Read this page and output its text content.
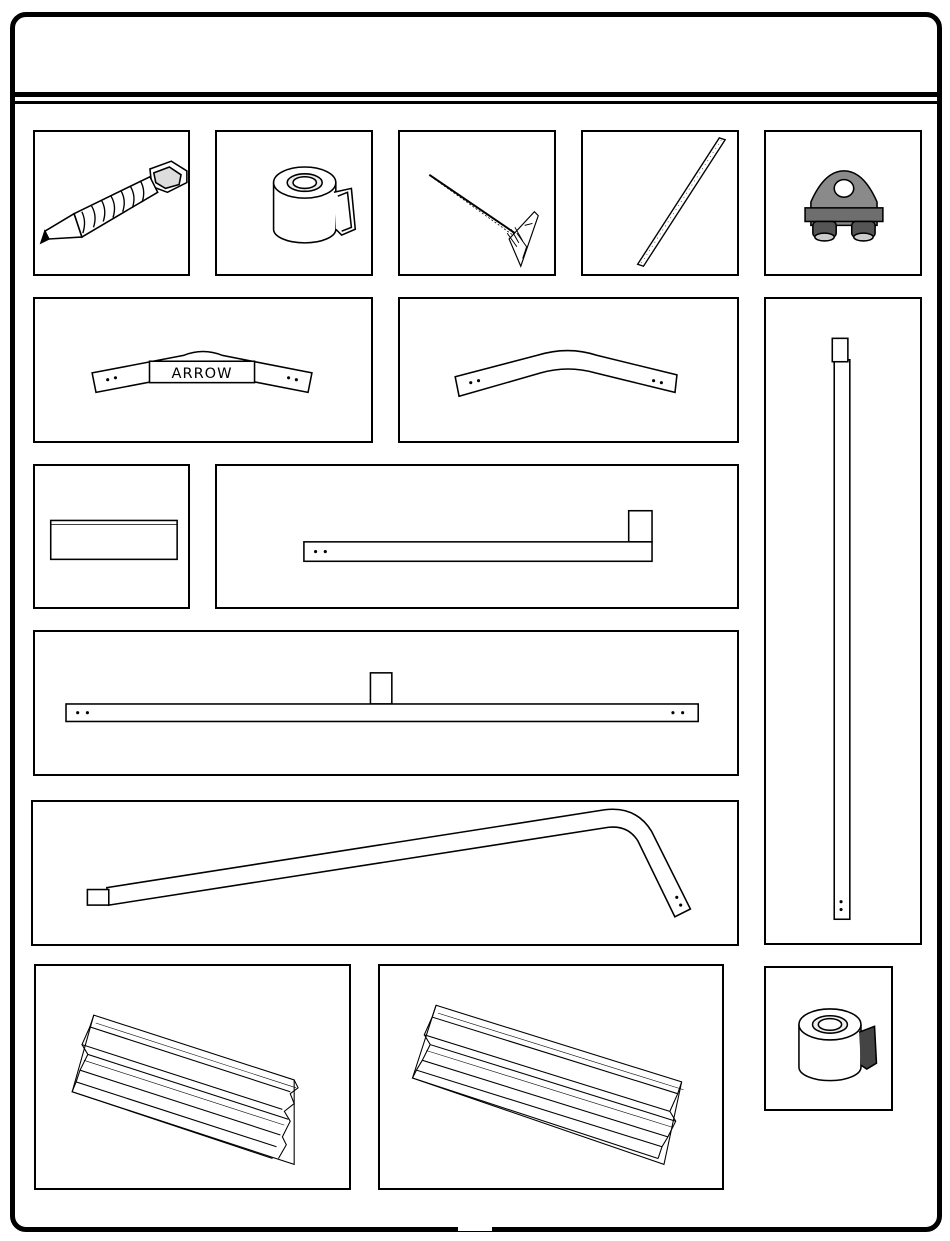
ARROW
